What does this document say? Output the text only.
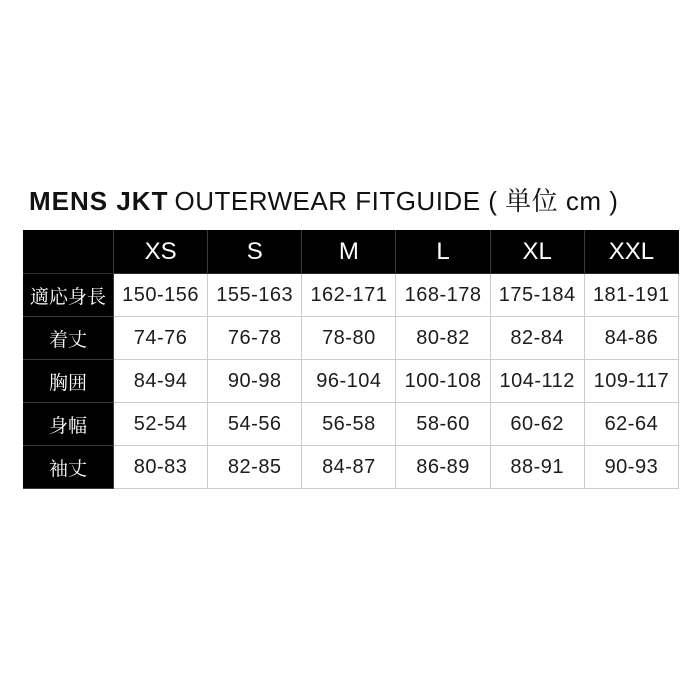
MENS JKT OUTERWEAR FITGUIDE ( 単位 cm )
	XS	S	M	L	XL	XXL
適応身長	150-156	155-163	162-171	168-178	175-184	181-191
着丈	74-76	76-78	78-80	80-82	82-84	84-86
胸囲	84-94	90-98	96-104	100-108	104-112	109-117
身幅	52-54	54-56	56-58	58-60	60-62	62-64
袖丈	80-83	82-85	84-87	86-89	88-91	90-93
